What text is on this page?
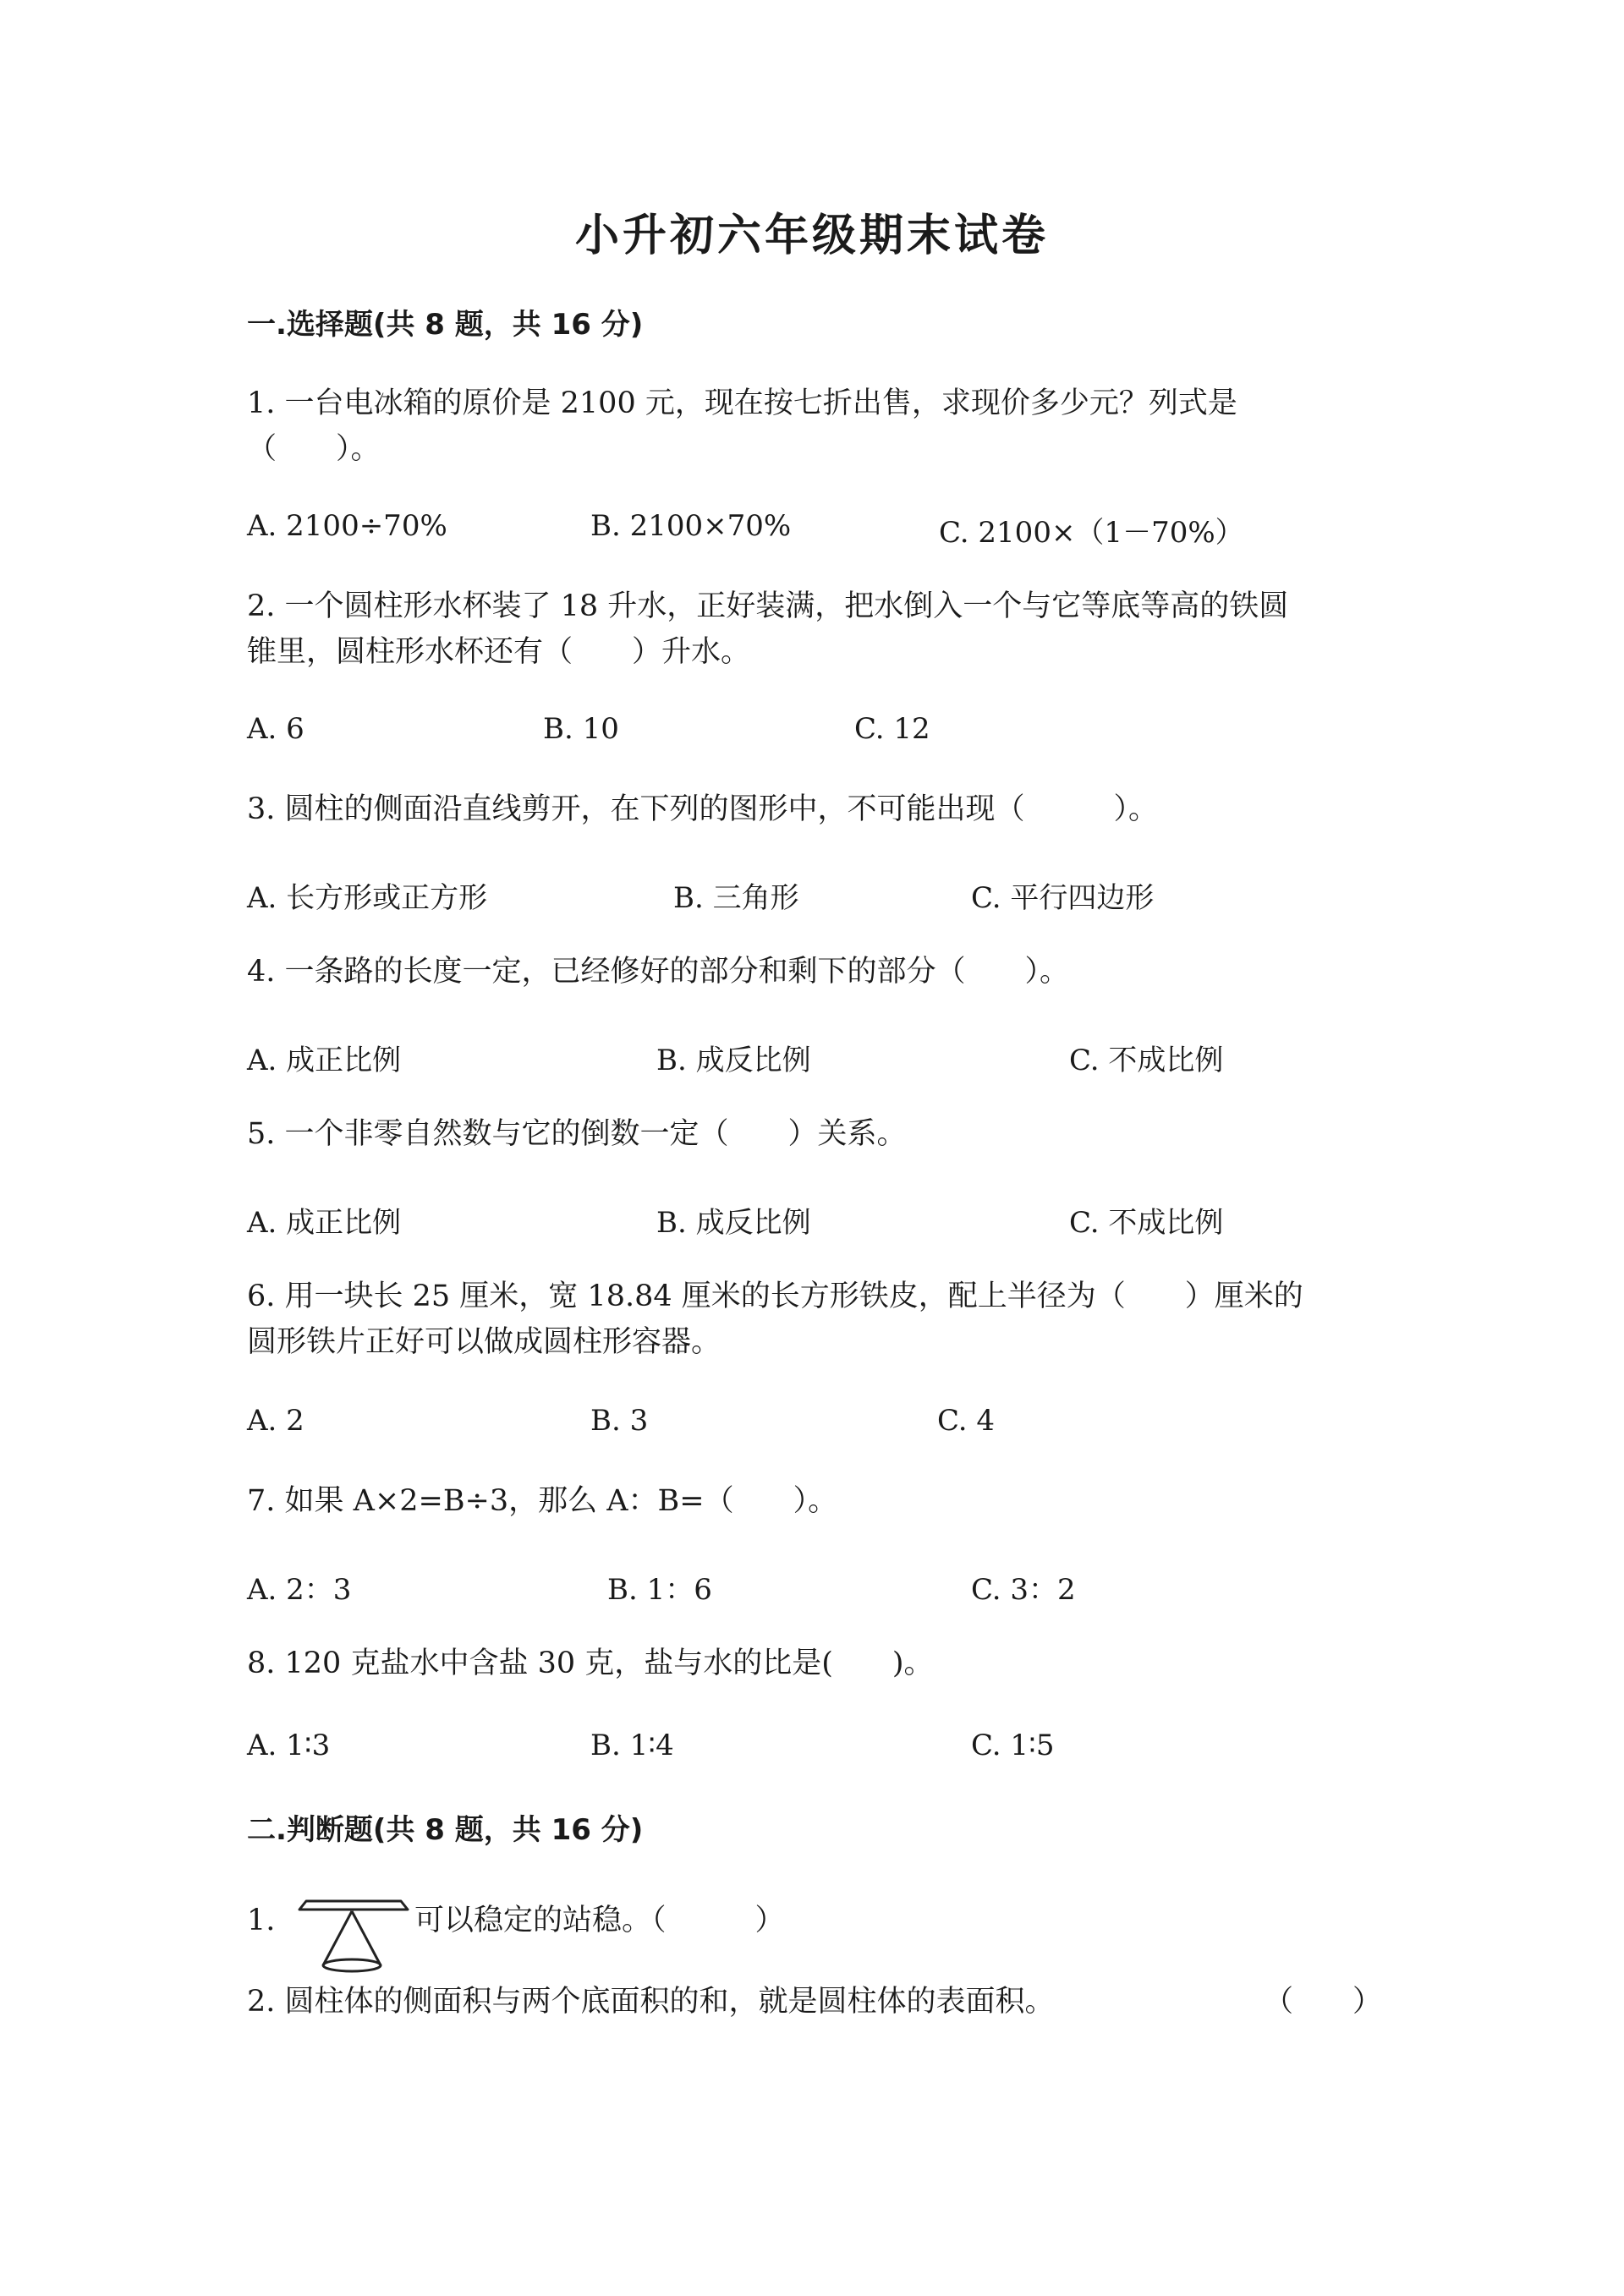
小升初六年级期末试卷
一.选择题(共 8 题，共 16 分)
1. 一台电冰箱的原价是 2100 元，现在按七折出售，求现价多少元？列式是
（　　）。
A. 2100÷70%	B. 2100×70%	C. 2100×（1－70%）
2. 一个圆柱形水杯装了 18 升水，正好装满，把水倒入一个与它等底等高的铁圆
锥里，圆柱形水杯还有（　　）升水。
A. 6	B. 10	C. 12
3. 圆柱的侧面沿直线剪开，在下列的图形中，不可能出现（　　　）。
A. 长方形或正方形	B. 三角形	C. 平行四边形
4. 一条路的长度一定，已经修好的部分和剩下的部分（　　）。
A. 成正比例	B. 成反比例	C. 不成比例
5. 一个非零自然数与它的倒数一定（　　）关系。
A. 成正比例	B. 成反比例	C. 不成比例
6. 用一块长 25 厘米，宽 18.84 厘米的长方形铁皮，配上半径为（　　）厘米的
圆形铁片正好可以做成圆柱形容器。
A. 2	B. 3	C. 4
7. 如果 A×2=B÷3，那么 A：B=（　　）。
A. 2：3	B. 1：6	C. 3：2
8. 120 克盐水中含盐 30 克，盐与水的比是(　　)。
A. 1∶3	B. 1∶4	C. 1∶5
二.判断题(共 8 题，共 16 分)
1.	可以稳定的站稳。（　　　）
2. 圆柱体的侧面积与两个底面积的和，就是圆柱体的表面积。	（　　）
